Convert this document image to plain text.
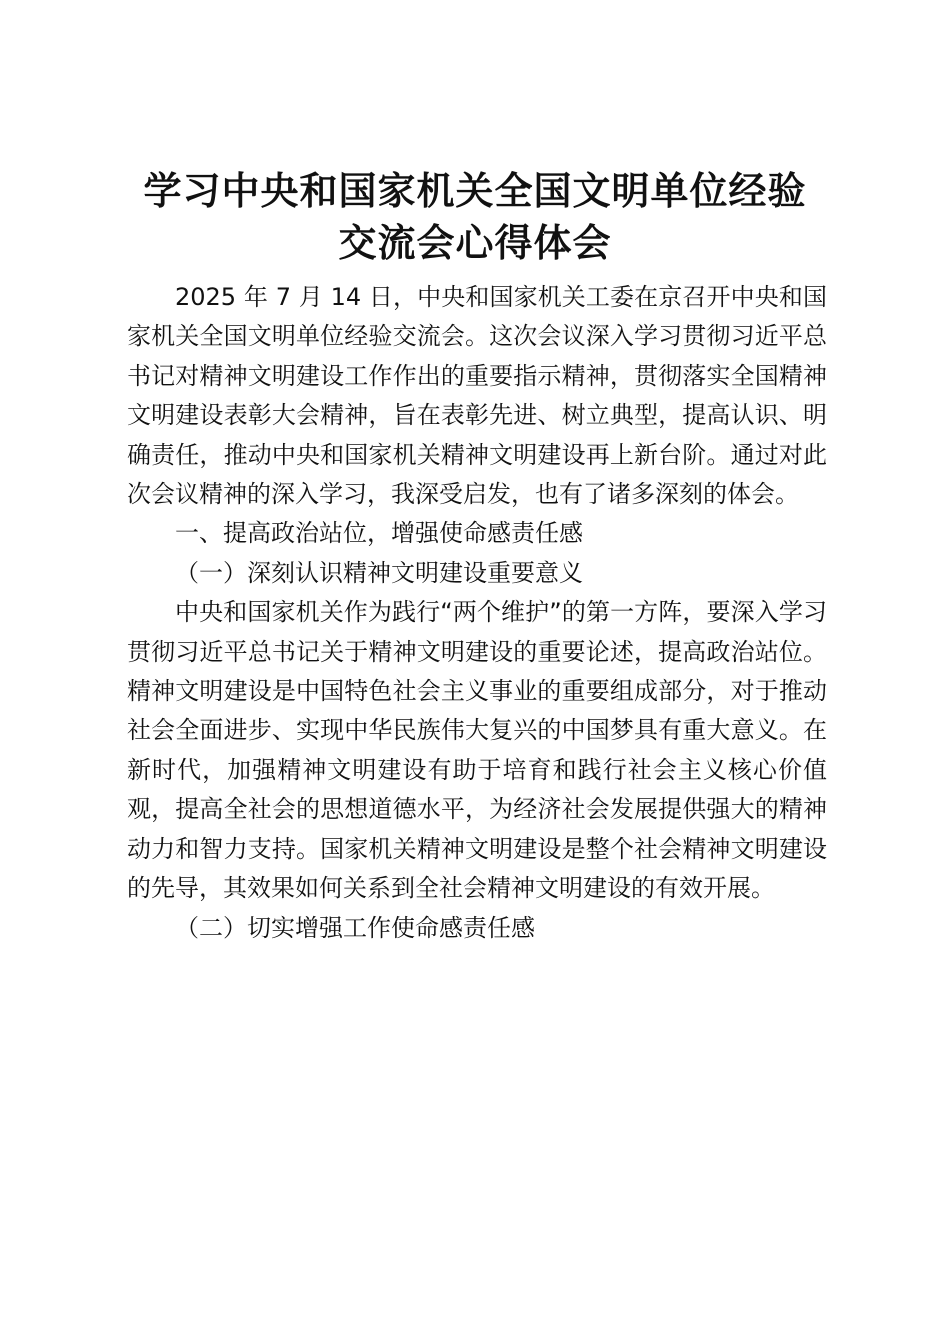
学习中央和国家机关全国文明单位经验
交流会心得体会

2025 年 7 月 14 日，中央和国家机关工委在京召开中央和国家机关全国文明单位经验交流会。这次会议深入学习贯彻习近平总书记对精神文明建设工作作出的重要指示精神，贯彻落实全国精神文明建设表彰大会精神，旨在表彰先进、树立典型，提高认识、明确责任，推动中央和国家机关精神文明建设再上新台阶。通过对此次会议精神的深入学习，我深受启发，也有了诸多深刻的体会。

一、提高政治站位，增强使命感责任感

（一）深刻认识精神文明建设重要意义

中央和国家机关作为践行“两个维护”的第一方阵，要深入学习贯彻习近平总书记关于精神文明建设的重要论述，提高政治站位。精神文明建设是中国特色社会主义事业的重要组成部分，对于推动社会全面进步、实现中华民族伟大复兴的中国梦具有重大意义。在新时代，加强精神文明建设有助于培育和践行社会主义核心价值观，提高全社会的思想道德水平，为经济社会发展提供强大的精神动力和智力支持。国家机关精神文明建设是整个社会精神文明建设的先导，其效果如何关系到全社会精神文明建设的有效开展。

（二）切实增强工作使命感责任感
